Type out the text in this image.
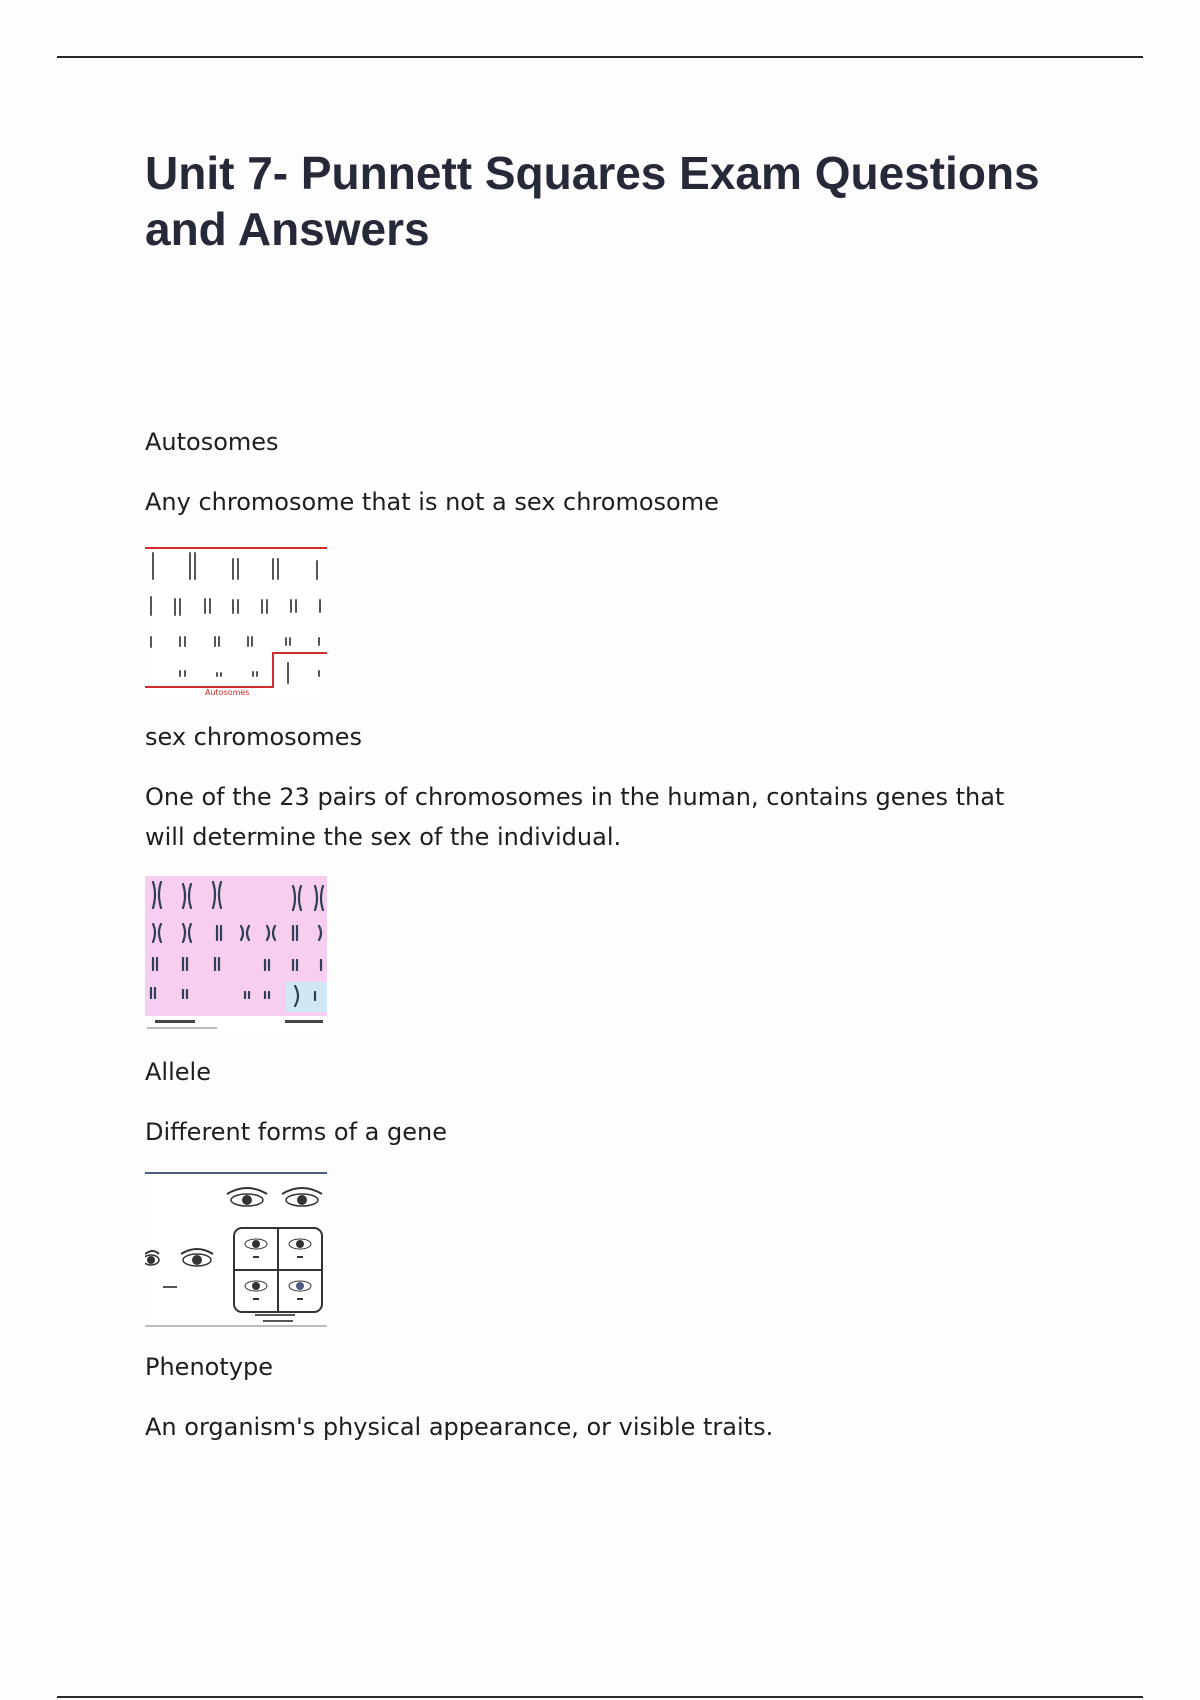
Unit 7- Punnett Squares Exam Questions and Answers

Autosomes

Any chromosome that is not a sex chromosome

Autosomes

sex chromosomes

One of the 23 pairs of chromosomes in the human, contains genes that will determine the sex of the individual.

Allele

Different forms of a gene

Phenotype

An organism's physical appearance, or visible traits.
